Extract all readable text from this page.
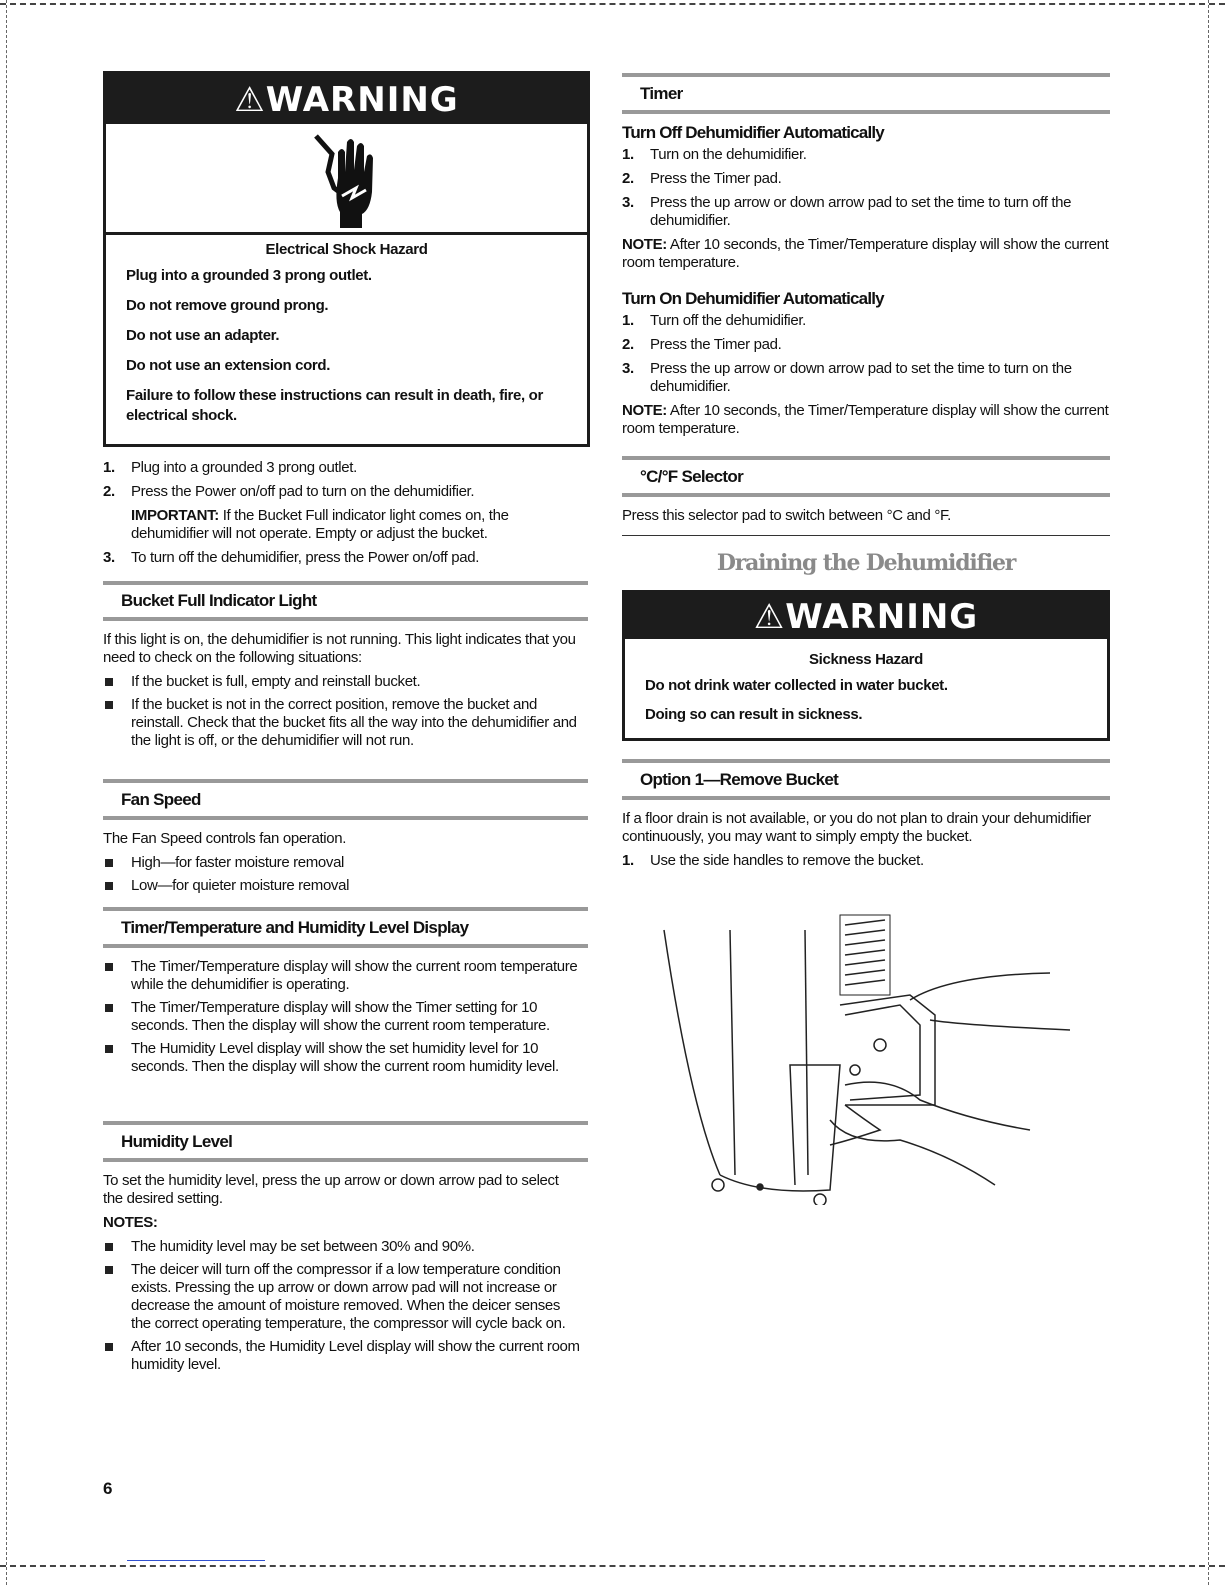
⚠WARNING
Electrical Shock Hazard
Plug into a grounded 3 prong outlet.
Do not remove ground prong.
Do not use an adapter.
Do not use an extension cord.
Failure to follow these instructions can result in death, fire, or electrical shock.
1. Plug into a grounded 3 prong outlet.
2. Press the Power on/off pad to turn on the dehumidifier.
IMPORTANT: If the Bucket Full indicator light comes on, the dehumidifier will not operate. Empty or adjust the bucket.
3. To turn off the dehumidifier, press the Power on/off pad.
Bucket Full Indicator Light
If this light is on, the dehumidifier is not running. This light indicates that you need to check on the following situations:
If the bucket is full, empty and reinstall bucket.
If the bucket is not in the correct position, remove the bucket and reinstall. Check that the bucket fits all the way into the dehumidifier and the light is off, or the dehumidifier will not run.
Fan Speed
The Fan Speed controls fan operation.
High—for faster moisture removal
Low—for quieter moisture removal
Timer/Temperature and Humidity Level Display
The Timer/Temperature display will show the current room temperature while the dehumidifier is operating.
The Timer/Temperature display will show the Timer setting for 10 seconds. Then the display will show the current room temperature.
The Humidity Level display will show the set humidity level for 10 seconds. Then the display will show the current room humidity level.
Humidity Level
To set the humidity level, press the up arrow or down arrow pad to select the desired setting.
NOTES:
The humidity level may be set between 30% and 90%.
The deicer will turn off the compressor if a low temperature condition exists. Pressing the up arrow or down arrow pad will not increase or decrease the amount of moisture removed. When the deicer senses the correct operating temperature, the compressor will cycle back on.
After 10 seconds, the Humidity Level display will show the current room humidity level.
6
Timer
Turn Off Dehumidifier Automatically
1. Turn on the dehumidifier.
2. Press the Timer pad.
3. Press the up arrow or down arrow pad to set the time to turn off the dehumidifier.
NOTE: After 10 seconds, the Timer/Temperature display will show the current room temperature.
Turn On Dehumidifier Automatically
1. Turn off the dehumidifier.
2. Press the Timer pad.
3. Press the up arrow or down arrow pad to set the time to turn on the dehumidifier.
NOTE: After 10 seconds, the Timer/Temperature display will show the current room temperature.
°C/°F Selector
Press this selector pad to switch between °C and °F.
Draining the Dehumidifier
⚠WARNING
Sickness Hazard
Do not drink water collected in water bucket.
Doing so can result in sickness.
Option 1—Remove Bucket
If a floor drain is not available, or you do not plan to drain your dehumidifier continuously, you may want to simply empty the bucket.
1. Use the side handles to remove the bucket.
